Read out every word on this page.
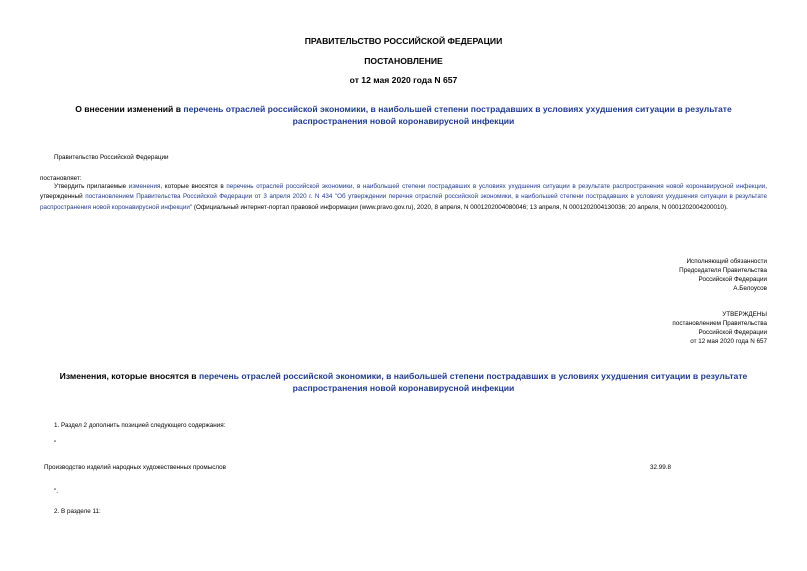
ПРАВИТЕЛЬСТВО РОССИЙСКОЙ ФЕДЕРАЦИИ
ПОСТАНОВЛЕНИЕ
от 12 мая 2020 года N 657
О внесении изменений в перечень отраслей российской экономики, в наибольшей степени пострадавших в условиях ухудшения ситуации в результате распространения новой коронавирусной инфекции
Правительство Российской Федерации
постановляет:
Утвердить прилагаемые изменения, которые вносятся в перечень отраслей российской экономики, в наибольшей степени пострадавших в условиях ухудшения ситуации в результате распространения новой коронавирусной инфекции, утвержденный постановлением Правительства Российской Федерации от 3 апреля 2020 г. N 434 "Об утверждении перечня отраслей российской экономики, в наибольшей степени пострадавших в условиях ухудшения ситуации в результате распространения новой коронавирусной инфекции" (Официальный интернет-портал правовой информации (www.pravo.gov.ru), 2020, 8 апреля, N 0001202004080046; 13 апреля, N 0001202004130036; 20 апреля, N 0001202004200010).
Исполняющий обязанности
Председателя Правительства
Российской Федерации
А.Белоусов
УТВЕРЖДЕНЫ
постановлением Правительства
Российской Федерации
от 12 мая 2020 года N 657
Изменения, которые вносятся в перечень отраслей российской экономики, в наибольшей степени пострадавших в условиях ухудшения ситуации в результате распространения новой коронавирусной инфекции
1. Раздел 2 дополнить позицией следующего содержания:
"
Производство изделий народных художественных промыслов	32.99.8
".
2. В разделе 11:
